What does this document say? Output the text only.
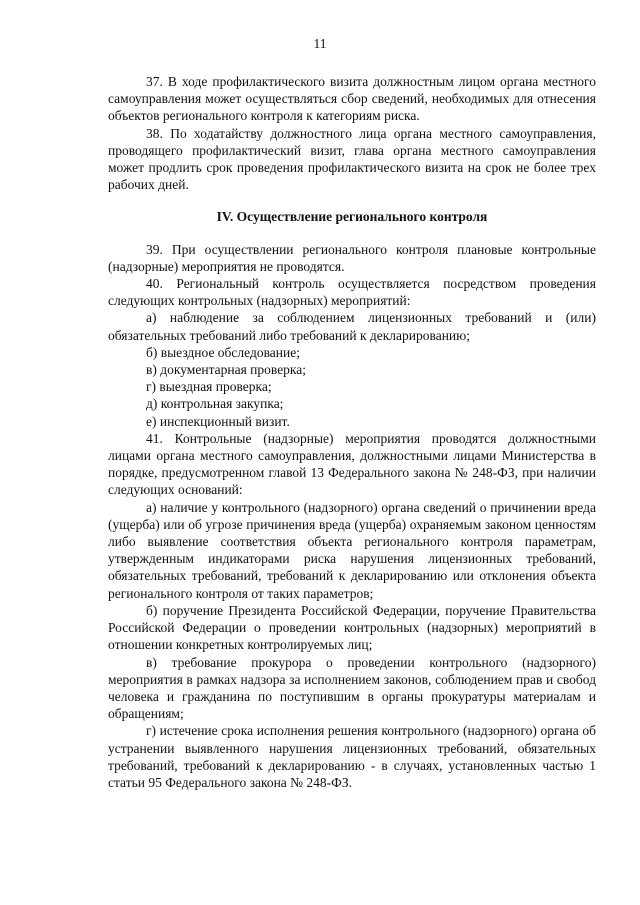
11

37. В ходе профилактического визита должностным лицом органа местного самоуправления может осуществляться сбор сведений, необходимых для отнесения объектов регионального контроля к категориям риска.

38. По ходатайству должностного лица органа местного самоуправления, проводящего профилактический визит, глава органа местного самоуправления может продлить срок проведения профилактического визита на срок не более трех рабочих дней.

IV. Осуществление регионального контроля

39. При осуществлении регионального контроля плановые контрольные (надзорные) мероприятия не проводятся.

40. Региональный контроль осуществляется посредством проведения следующих контрольных (надзорных) мероприятий:

а) наблюдение за соблюдением лицензионных требований и (или) обязательных требований либо требований к декларированию;

б) выездное обследование;

в) документарная проверка;

г) выездная проверка;

д) контрольная закупка;

е) инспекционный визит.

41. Контрольные (надзорные) мероприятия проводятся должностными лицами органа местного самоуправления, должностными лицами Министерства в порядке, предусмотренном главой 13 Федерального закона № 248-ФЗ, при наличии следующих оснований:

а) наличие у контрольного (надзорного) органа сведений о причинении вреда (ущерба) или об угрозе причинения вреда (ущерба) охраняемым законом ценностям либо выявление соответствия объекта регионального контроля параметрам, утвержденным индикаторами риска нарушения лицензионных требований, обязательных требований, требований к декларированию или отклонения объекта регионального контроля от таких параметров;

б) поручение Президента Российской Федерации, поручение Правительства Российской Федерации о проведении контрольных (надзорных) мероприятий в отношении конкретных контролируемых лиц;

в) требование прокурора о проведении контрольного (надзорного) мероприятия в рамках надзора за исполнением законов, соблюдением прав и свобод человека и гражданина по поступившим в органы прокуратуры материалам и обращениям;

г) истечение срока исполнения решения контрольного (надзорного) органа об устранении выявленного нарушения лицензионных требований, обязательных требований, требований к декларированию - в случаях, установленных частью 1 статьи 95 Федерального закона № 248-ФЗ.
